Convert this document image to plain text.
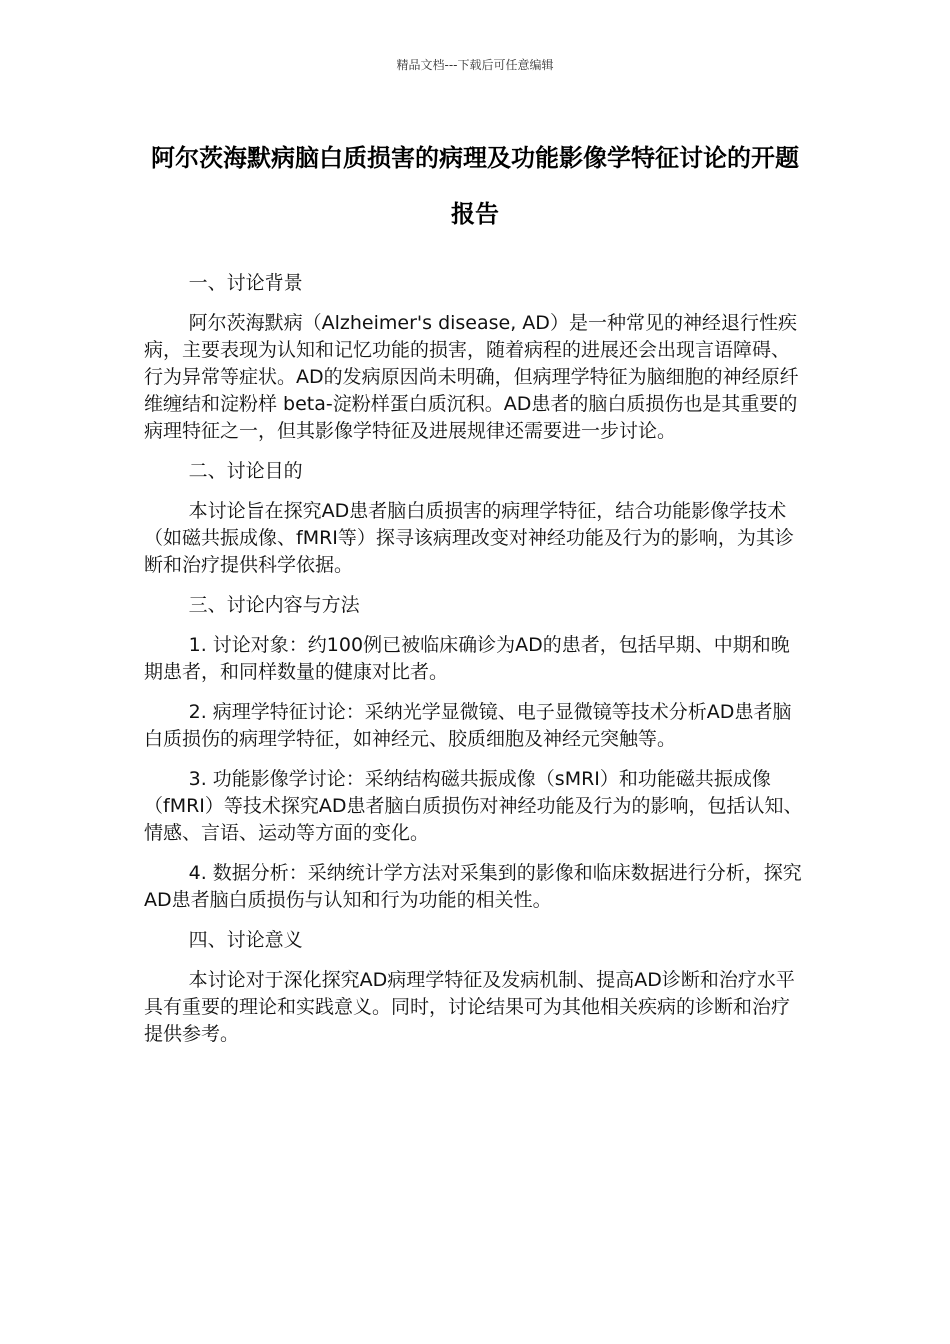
精品文档---下载后可任意编辑
阿尔茨海默病脑白质损害的病理及功能影像学特征讨论的开题报告

一、讨论背景

阿尔茨海默病（Alzheimer's disease, AD）是一种常见的神经退行性疾病，主要表现为认知和记忆功能的损害，随着病程的进展还会出现言语障碍、行为异常等症状。AD的发病原因尚未明确，但病理学特征为脑细胞的神经原纤维缠结和淀粉样 beta-淀粉样蛋白质沉积。AD患者的脑白质损伤也是其重要的病理特征之一，但其影像学特征及进展规律还需要进一步讨论。

二、讨论目的

本讨论旨在探究AD患者脑白质损害的病理学特征，结合功能影像学技术（如磁共振成像、fMRI等）探寻该病理改变对神经功能及行为的影响，为其诊断和治疗提供科学依据。

三、讨论内容与方法

1. 讨论对象：约100例已被临床确诊为AD的患者，包括早期、中期和晚期患者，和同样数量的健康对比者。

2. 病理学特征讨论：采纳光学显微镜、电子显微镜等技术分析AD患者脑白质损伤的病理学特征，如神经元、胶质细胞及神经元突触等。

3. 功能影像学讨论：采纳结构磁共振成像（sMRI）和功能磁共振成像（fMRI）等技术探究AD患者脑白质损伤对神经功能及行为的影响，包括认知、情感、言语、运动等方面的变化。

4. 数据分析：采纳统计学方法对采集到的影像和临床数据进行分析，探究AD患者脑白质损伤与认知和行为功能的相关性。

四、讨论意义

本讨论对于深化探究AD病理学特征及发病机制、提高AD诊断和治疗水平具有重要的理论和实践意义。同时，讨论结果可为其他相关疾病的诊断和治疗提供参考。
